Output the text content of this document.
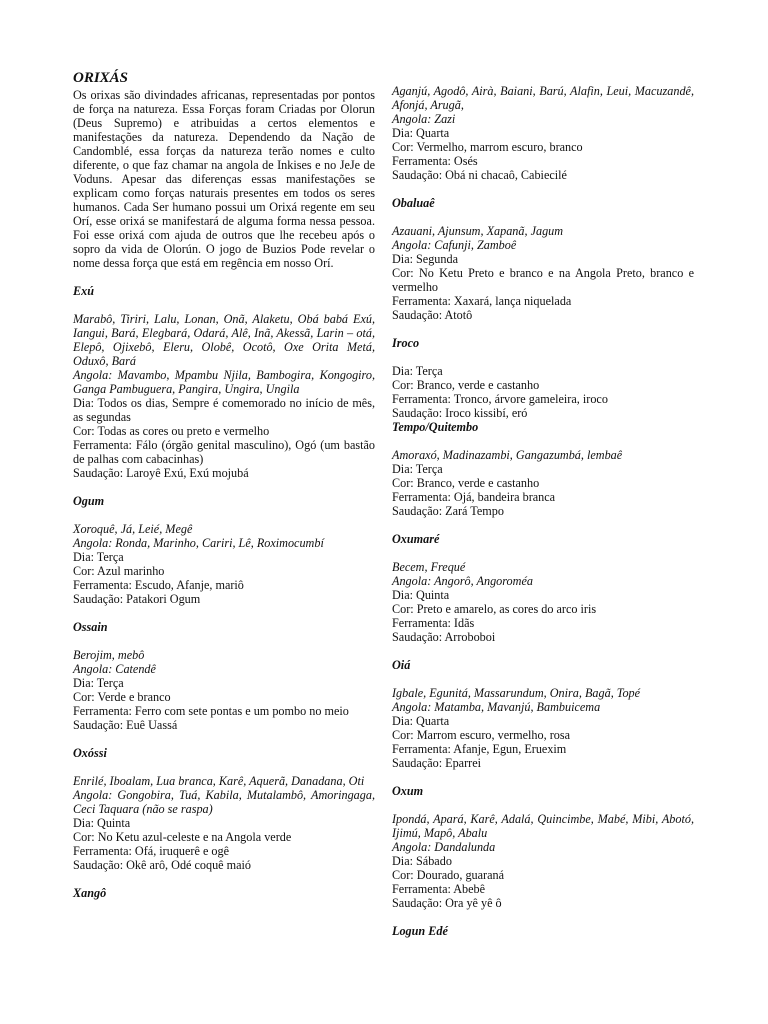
ORIXÁS

Os orixas são divindades africanas, representadas por pontos de força na natureza. Essa Forças foram Criadas por Olorun (Deus Supremo) e atribuidas a certos elementos e manifestações da natureza. Dependendo da Nação de Candomblé, essa forças da natureza terão nomes e culto diferente, o que faz chamar na angola de Inkises e no JeJe de Voduns. Apesar das diferenças essas manifestações se explicam como forças naturais presentes em todos os seres humanos. Cada Ser humano possui um Orixá regente em seu Orí, esse orixá se manifestará de alguma forma nessa pessoa. Foi esse orixá com ajuda de outros que lhe recebeu após o sopro da vida de Olorún. O jogo de Buzios Pode revelar o nome dessa força que está em regência em nosso Orí.

Exú

Marabô, Tiriri, Lalu, Lonan, Onã, Alaketu, Obá babá Exú, Iangui, Bará, Elegbará, Odará, Alê, Inã, Akessã, Larin – otá, Elepô, Ojixebô, Eleru, Olobê, Ocotô, Oxe Orita Metá, Oduxô, Bará

Angola: Mavambo, Mpambu Njila, Bambogira, Kongogiro, Ganga Pambuguera, Pangira, Ungira, Ungila

Dia: Todos os dias, Sempre é comemorado no início de mês, as segundas

Cor: Todas as cores ou preto e vermelho

Ferramenta: Fálo (órgão genital masculino), Ogó (um bastão de palhas com cabacinhas)

Saudação: Laroyê Exú, Exú mojubá

Ogum

Xoroquê, Já, Leié, Megê

Angola: Ronda, Marinho, Cariri, Lê, Roximocumbí

Dia: Terça

Cor: Azul marinho

Ferramenta: Escudo, Afanje, mariô

Saudação: Patakori Ogum

Ossain

Berojim, mebô

Angola: Catendê

Dia: Terça

Cor: Verde e branco

Ferramenta: Ferro com sete pontas e um pombo no meio

Saudação: Euê Uassá

Oxóssi

Enrilé, Iboalam, Lua branca, Karê, Aquerã, Danadana, Oti

Angola: Gongobira, Tuá, Kabila, Mutalambô, Amoringaga, Ceci Taquara (não se raspa)

Dia: Quinta

Cor: No Ketu azul-celeste e na Angola verde

Ferramenta: Ofá, iruquerê e ogê

Saudação: Okê arô, Odé coquê maió

Xangô

Aganjú, Agodô, Airà, Baiani, Barú, Alafin, Leui, Macuzandê, Afonjá, Arugã,

Angola: Zazi

Dia: Quarta

Cor: Vermelho, marrom escuro, branco

Ferramenta: Osés

Saudação: Obá ni chacaô, Cabiecilé

Obaluaê

Azauani, Ajunsum, Xapanã, Jagum

Angola: Cafunji, Zamboê

Dia: Segunda

Cor: No Ketu Preto e branco e na Angola Preto, branco e vermelho

Ferramenta: Xaxará, lança niquelada

Saudação: Atotô

Iroco

Dia: Terça

Cor: Branco, verde e castanho

Ferramenta: Tronco, árvore gameleira, iroco

Saudação: Iroco kissibí, eró

Tempo/Quitembo

Amoraxó, Madinazambi, Gangazumbá, lembaê

Dia: Terça

Cor: Branco, verde e castanho

Ferramenta: Ojá, bandeira branca

Saudação: Zará Tempo

Oxumaré

Becem, Frequé

Angola: Angorô, Angoroméa

Dia: Quinta

Cor: Preto e amarelo, as cores do arco iris

Ferramenta: Idãs

Saudação: Arroboboi

Oiá

Igbale, Egunitá, Massarundum, Onira, Bagã, Topé

Angola: Matamba, Mavanjú, Bambuicema

Dia: Quarta

Cor: Marrom escuro, vermelho, rosa

Ferramenta: Afanje, Egun, Eruexim

Saudação: Eparrei

Oxum

Ipondá, Apará, Karê, Adalá, Quincimbe, Mabé, Mibi, Abotó, Ijimú, Mapô, Abalu

Angola: Dandalunda

Dia: Sábado

Cor: Dourado, guaraná

Ferramenta: Abebê

Saudação: Ora yê yê ô

Logun Edé
